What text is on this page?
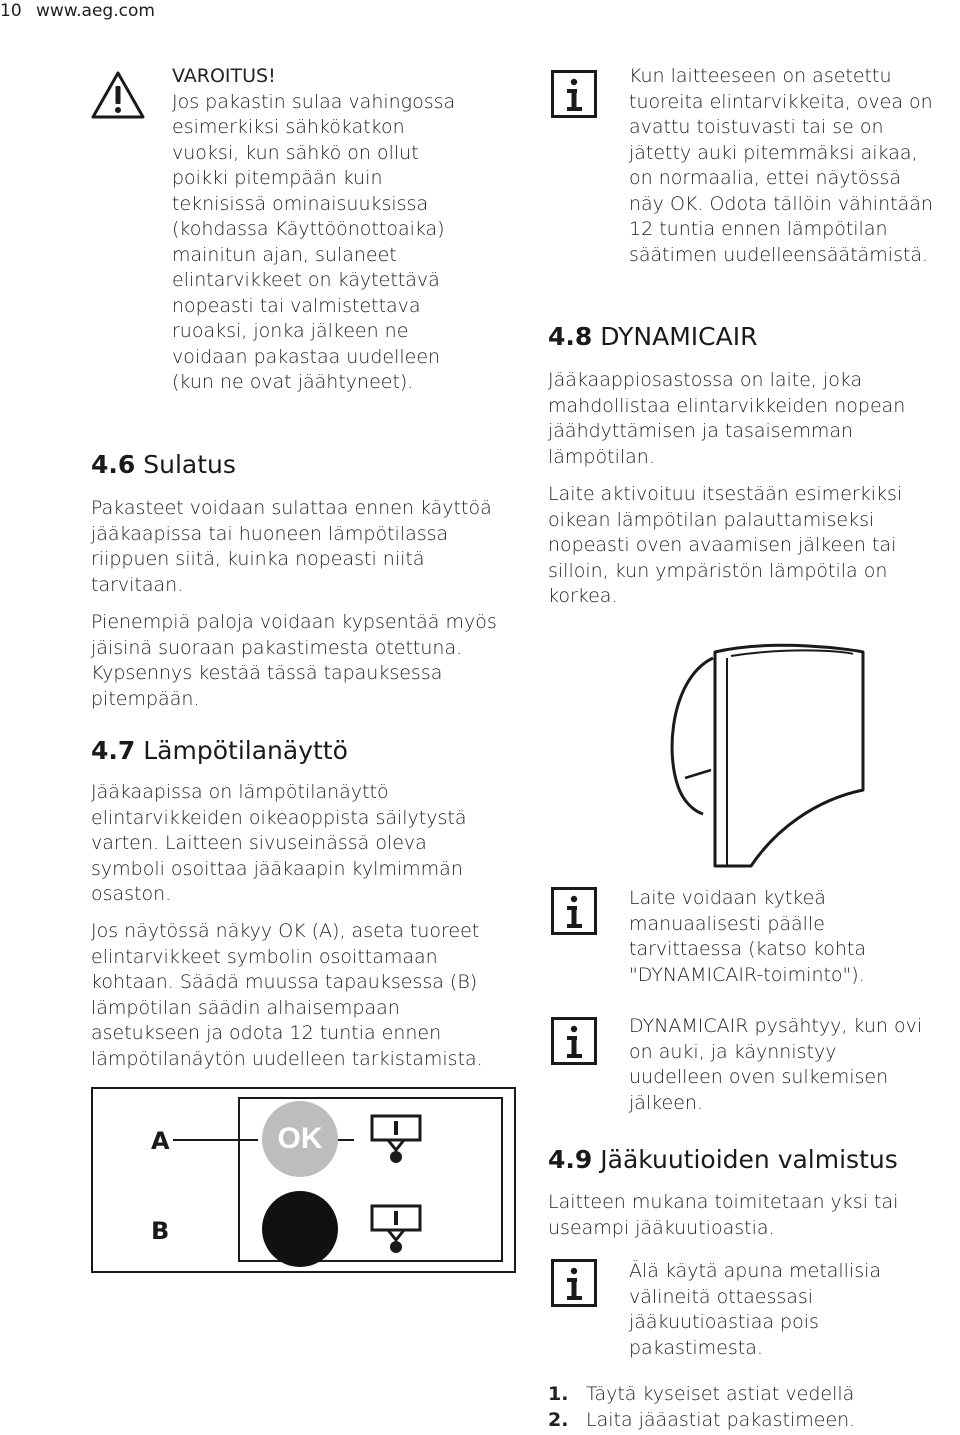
10 www.aeg.com

VAROITUS!

Jos pakastin sulaa vahingossa esimerkiksi sähkökatkon vuoksi, kun sähkö on ollut poikki pitempään kuin teknisissä ominaisuuksissa (kohdassa Käyttöönottoaika) mainitun ajan, sulaneet elintarvikkeet on käytettävä nopeasti tai valmistettava ruoaksi, jonka jälkeen ne voidaan pakastaa uudelleen (kun ne ovat jäähtyneet).

4.6 Sulatus

Pakasteet voidaan sulattaa ennen käyttöä jääkaapissa tai huoneen lämpötilassa riippuen siitä, kuinka nopeasti niitä tarvitaan.

Pienempiä paloja voidaan kypsentää myös jäisinä suoraan pakastimesta otettuna. Kypsennys kestää tässä tapauksessa pitempään.

4.7 Lämpötilanäyttö

Jääkaapissa on lämpötilanäyttö elintarvikkeiden oikeaoppista säilytystä varten. Laitteen sivuseinässä oleva symboli osoittaa jääkaapin kylmimmän osaston.

Jos näytössä näkyy OK (A), aseta tuoreet elintarvikkeet symbolin osoittamaan kohtaan. Säädä muussa tapauksessa (B) lämpötilan säädin alhaisempaan asetukseen ja odota 12 tuntia ennen lämpötilanäytön uudelleen tarkistamista.

A
B
OK

Kun laitteeseen on asetettu tuoreita elintarvikkeita, ovea on avattu toistuvasti tai se on jätetty auki pitemmäksi aikaa, on normaalia, ettei näytössä näy OK. Odota tällöin vähintään 12 tuntia ennen lämpötilan säätimen uudelleensäätämistä.

4.8 DYNAMICAIR

Jääkaappiosastossa on laite, joka mahdollistaa elintarvikkeiden nopean jäähdyttämisen ja tasaisemman lämpötilan.

Laite aktivoituu itsestään esimerkiksi oikean lämpötilan palauttamiseksi nopeasti oven avaamisen jälkeen tai silloin, kun ympäristön lämpötila on korkea.

Laite voidaan kytkeä manuaalisesti päälle tarvittaessa (katso kohta "DYNAMICAIR-toiminto").

DYNAMICAIR pysähtyy, kun ovi on auki, ja käynnistyy uudelleen oven sulkemisen jälkeen.

4.9 Jääkuutioiden valmistus

Laitteen mukana toimitetaan yksi tai useampi jääkuutioastia.

Älä käytä apuna metallisia välineitä ottaessasi jääkuutioastiaa pois pakastimesta.

1. Täytä kyseiset astiat vedellä
2. Laita jääastiat pakastimeen.
